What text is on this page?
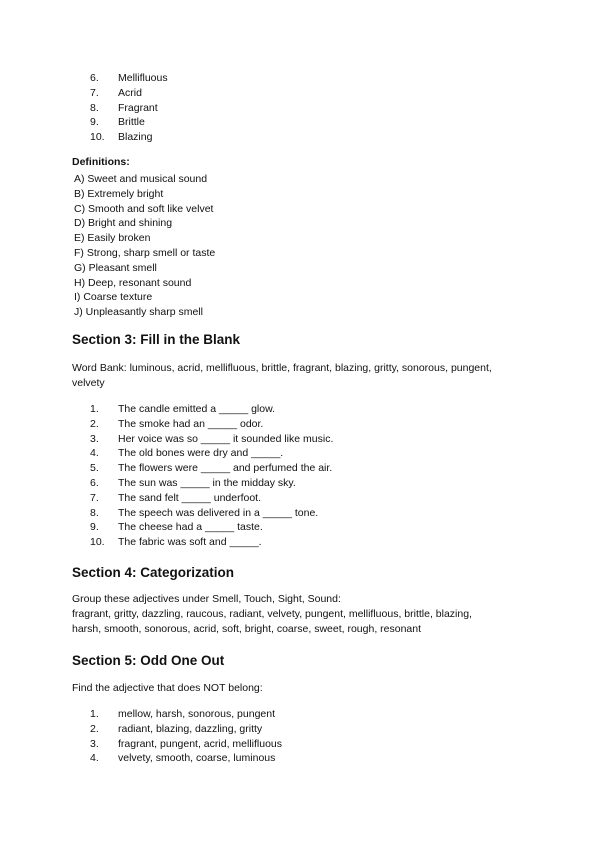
6.	Mellifluous
7.	Acrid
8.	Fragrant
9.	Brittle
10.	Blazing
Definitions:
A) Sweet and musical sound
B) Extremely bright
C) Smooth and soft like velvet
D) Bright and shining
E) Easily broken
F) Strong, sharp smell or taste
G) Pleasant smell
H) Deep, resonant sound
I) Coarse texture
J) Unpleasantly sharp smell
Section 3: Fill in the Blank
Word Bank: luminous, acrid, mellifluous, brittle, fragrant, blazing, gritty, sonorous, pungent,
velvety
1.	The candle emitted a _____ glow.
2.	The smoke had an _____ odor.
3.	Her voice was so _____ it sounded like music.
4.	The old bones were dry and _____.
5.	The flowers were _____ and perfumed the air.
6.	The sun was _____ in the midday sky.
7.	The sand felt _____ underfoot.
8.	The speech was delivered in a _____ tone.
9.	The cheese had a _____ taste.
10.	The fabric was soft and _____.
Section 4: Categorization
Group these adjectives under Smell, Touch, Sight, Sound:
fragrant, gritty, dazzling, raucous, radiant, velvety, pungent, mellifluous, brittle, blazing,
harsh, smooth, sonorous, acrid, soft, bright, coarse, sweet, rough, resonant
Section 5: Odd One Out
Find the adjective that does NOT belong:
1.	mellow, harsh, sonorous, pungent
2.	radiant, blazing, dazzling, gritty
3.	fragrant, pungent, acrid, mellifluous
4.	velvety, smooth, coarse, luminous
